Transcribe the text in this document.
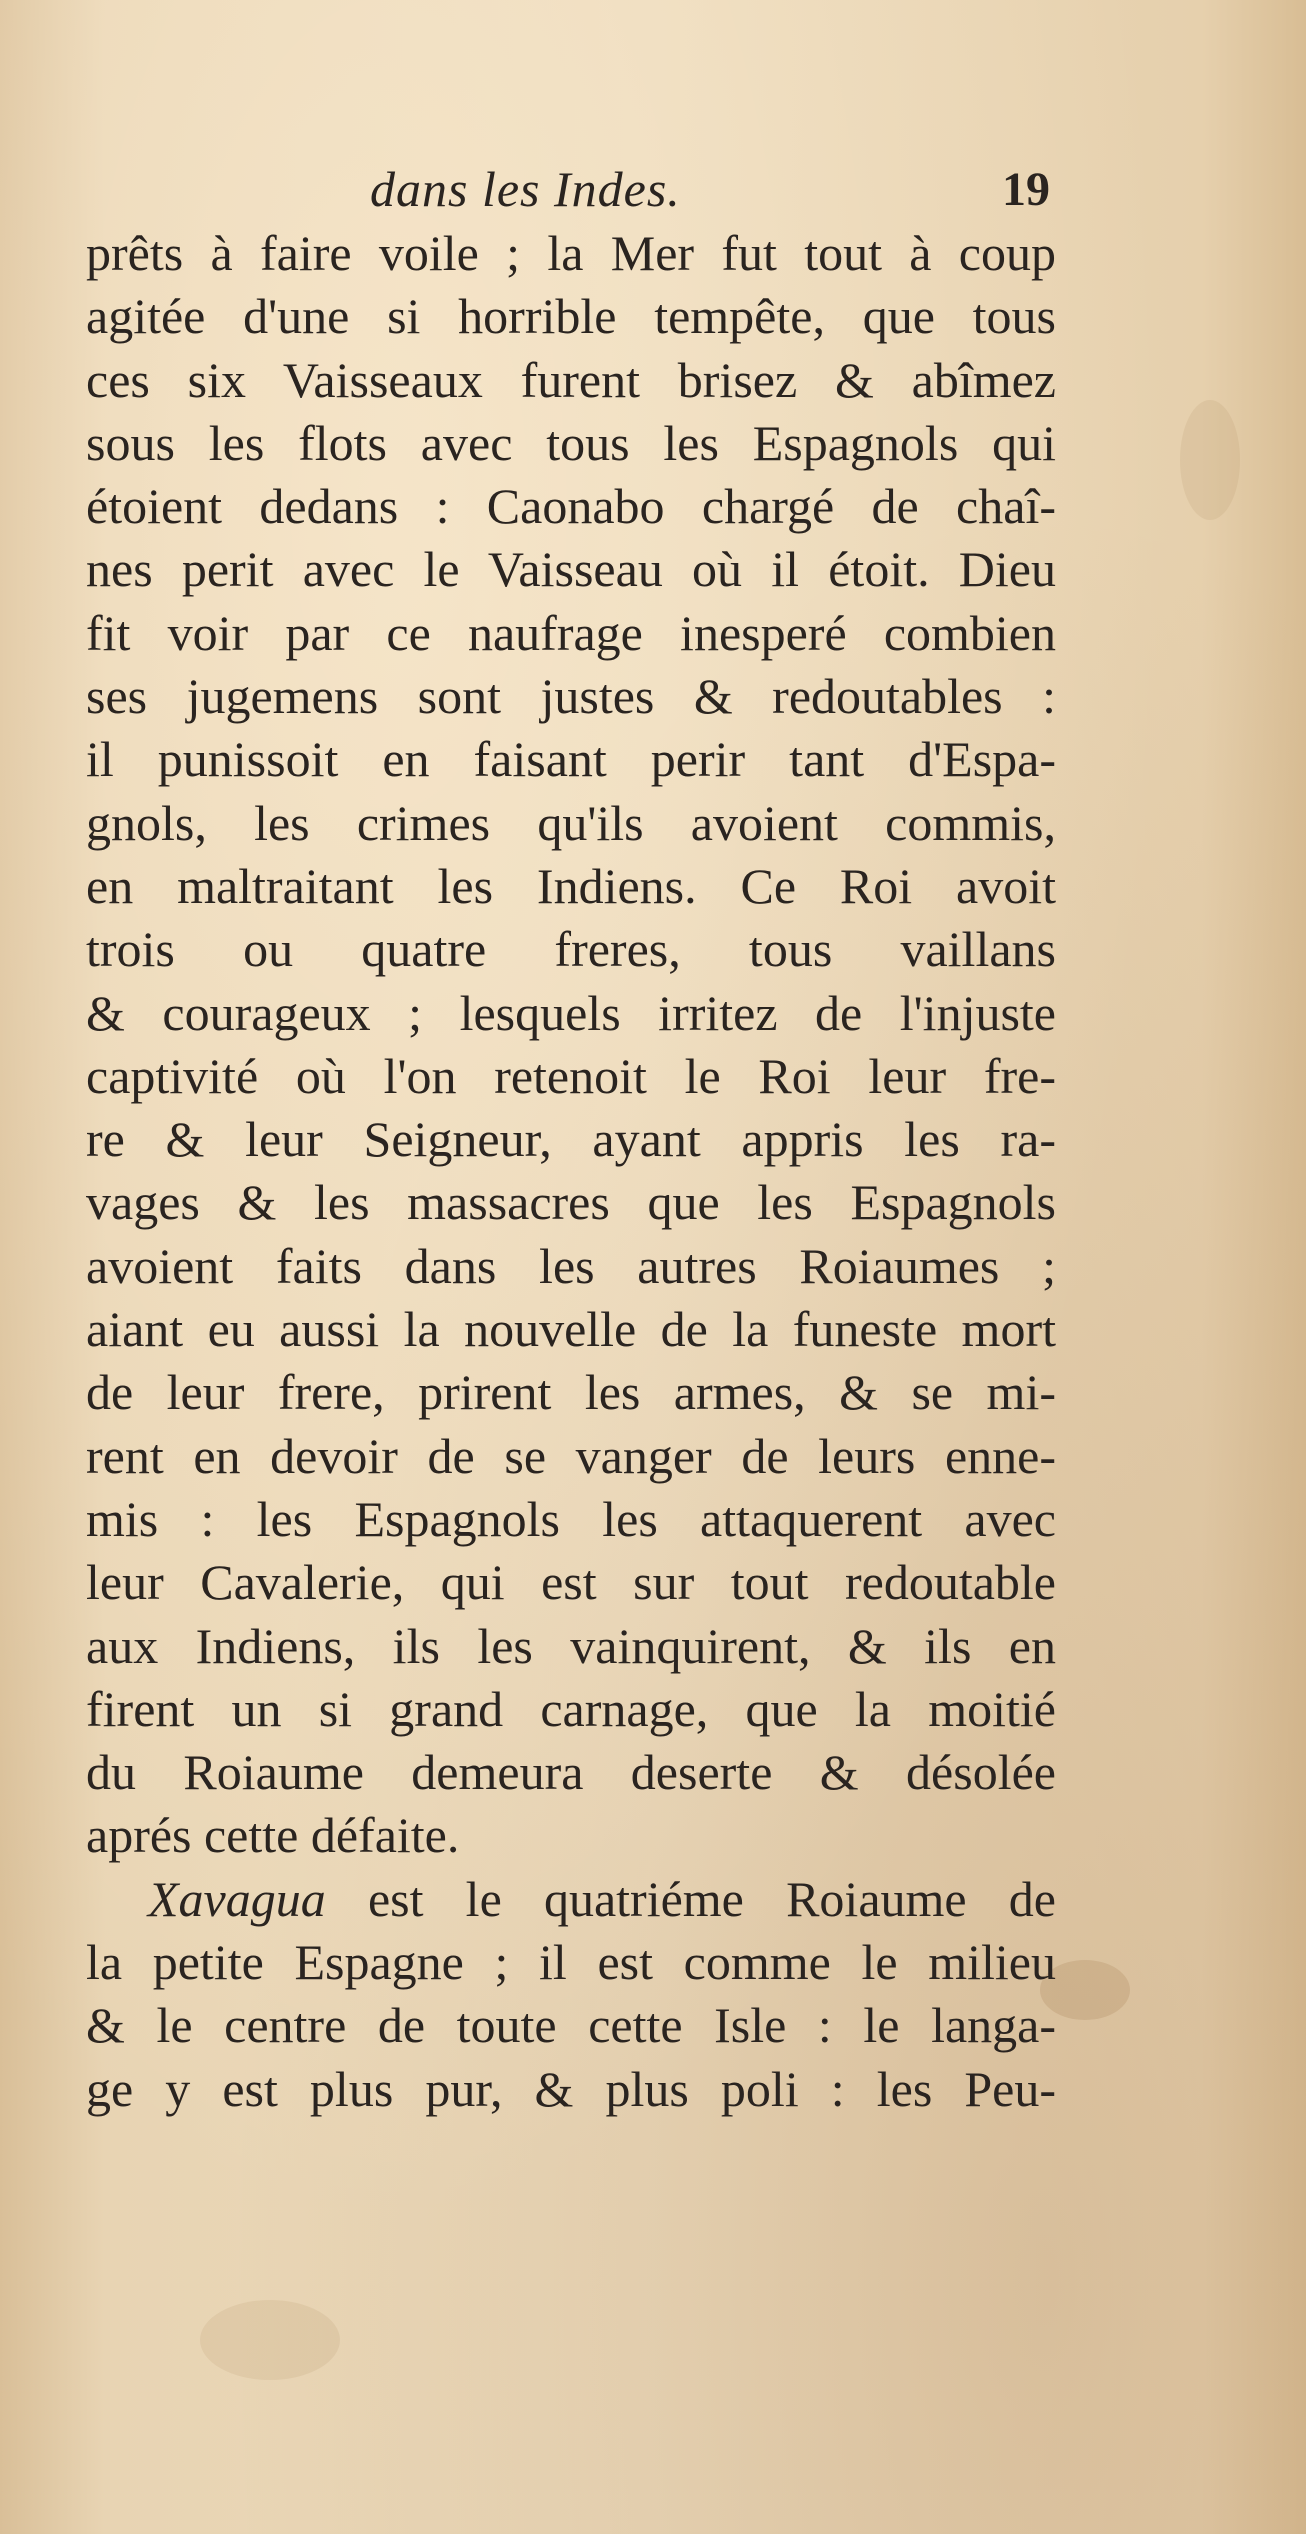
dans les Indes.	19
prêts à faire voile ; la Mer fut tout à coup
agitée d'une si horrible tempête, que tous
ces six Vaisseaux furent brisez & abîmez
sous les flots avec tous les Espagnols qui
étoient dedans : Caonabo chargé de chaî-
nes perit avec le Vaisseau où il étoit. Dieu
fit voir par ce naufrage inesperé combien
ses jugemens sont justes & redoutables :
il punissoit en faisant perir tant d'Espa-
gnols, les crimes qu'ils avoient commis,
en maltraitant les Indiens. Ce Roi avoit
trois ou quatre freres, tous vaillans
& courageux ; lesquels irritez de l'injuste
captivité où l'on retenoit le Roi leur fre-
re & leur Seigneur, ayant appris les ra-
vages & les massacres que les Espagnols
avoient faits dans les autres Roiaumes ;
aiant eu aussi la nouvelle de la funeste mort
de leur frere, prirent les armes, & se mi-
rent en devoir de se vanger de leurs enne-
mis : les Espagnols les attaquerent avec
leur Cavalerie, qui est sur tout redoutable
aux Indiens, ils les vainquirent, & ils en
firent un si grand carnage, que la moitié
du Roiaume demeura deserte & désolée
aprés cette défaite.
Xavagua est le quatriéme Roiaume de
la petite Espagne ; il est comme le milieu
& le centre de toute cette Isle : le langa-
ge y est plus pur, & plus poli : les Peu-
